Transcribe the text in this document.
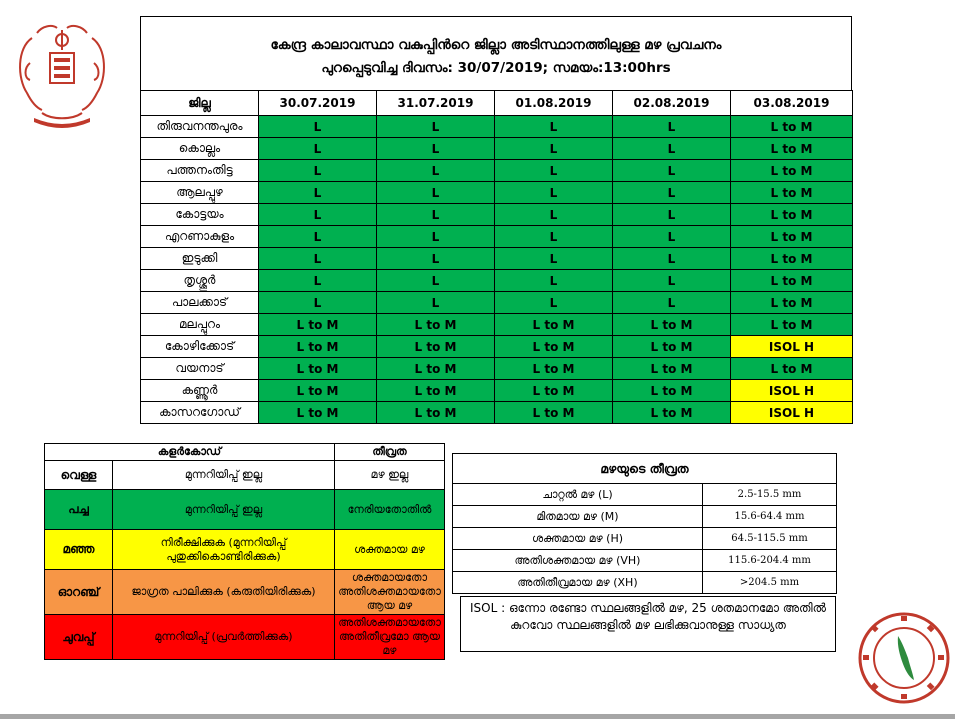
കേന്ദ്ര കാലാവസ്ഥാ വകുപ്പിന്‍റെ ജില്ലാ അടിസ്ഥാനത്തിലുള്ള മഴ പ്രവചനം
പുറപ്പെടുവിച്ച ദിവസം: 30/07/2019; സമയം:13:00hrs
ജില്ല	30.07.2019	31.07.2019	01.08.2019	02.08.2019	03.08.2019
തിരുവനന്തപുരം	L	L	L	L	L to M
കൊല്ലം	L	L	L	L	L to M
പത്തനംതിട്ട	L	L	L	L	L to M
ആലപ്പുഴ	L	L	L	L	L to M
കോട്ടയം	L	L	L	L	L to M
എറണാകുളം	L	L	L	L	L to M
ഇടുക്കി	L	L	L	L	L to M
തൃശ്ശൂർ	L	L	L	L	L to M
പാലക്കാട്	L	L	L	L	L to M
മലപ്പുറം	L to M	L to M	L to M	L to M	L to M
കോഴിക്കോട്	L to M	L to M	L to M	L to M	ISOL H
വയനാട്	L to M	L to M	L to M	L to M	L to M
കണ്ണൂർ	L to M	L to M	L to M	L to M	ISOL H
കാസറഗോഡ്	L to M	L to M	L to M	L to M	ISOL H
കളർകോഡ്		തീവ്രത
വെള്ള	മുന്നറിയിപ്പ് ഇല്ല	മഴ ഇല്ല
പച്ച	മുന്നറിയിപ്പ് ഇല്ല	നേരിയതോതിൽ
മഞ്ഞ	നിരീക്ഷിക്കുക (മുന്നറിയിപ്പ് പുതുക്കികൊണ്ടിരിക്കുക)	ശക്തമായ മഴ
ഓറഞ്ച്	ജാഗ്രത പാലിക്കുക (കരുതിയിരിക്കുക)	ശക്തമായതോ അതിശക്തമായതോ ആയ മഴ
ചുവപ്പ്	മുന്നറിയിപ്പ് (പ്രവർത്തിക്കുക)	അതിശക്തമായതോ അതിതീവ്രമോ ആയ മഴ
മഴയുടെ തീവ്രത	
ചാറ്റൽ മഴ (L)	2.5-15.5 mm
മിതമായ മഴ (M)	15.6-64.4 mm
ശക്തമായ മഴ (H)	64.5-115.5 mm
അതിശക്തമായ മഴ (VH)	115.6-204.4 mm
അതിതീവ്രമായ മഴ (XH)	>204.5 mm
ISOL : ഒന്നോ രണ്ടോ സ്ഥലങ്ങളിൽ മഴ, 25 ശതമാനമോ അതിൽ കുറവോ സ്ഥലങ്ങളിൽ മഴ ലഭിക്കുവാനുള്ള സാധ്യത
